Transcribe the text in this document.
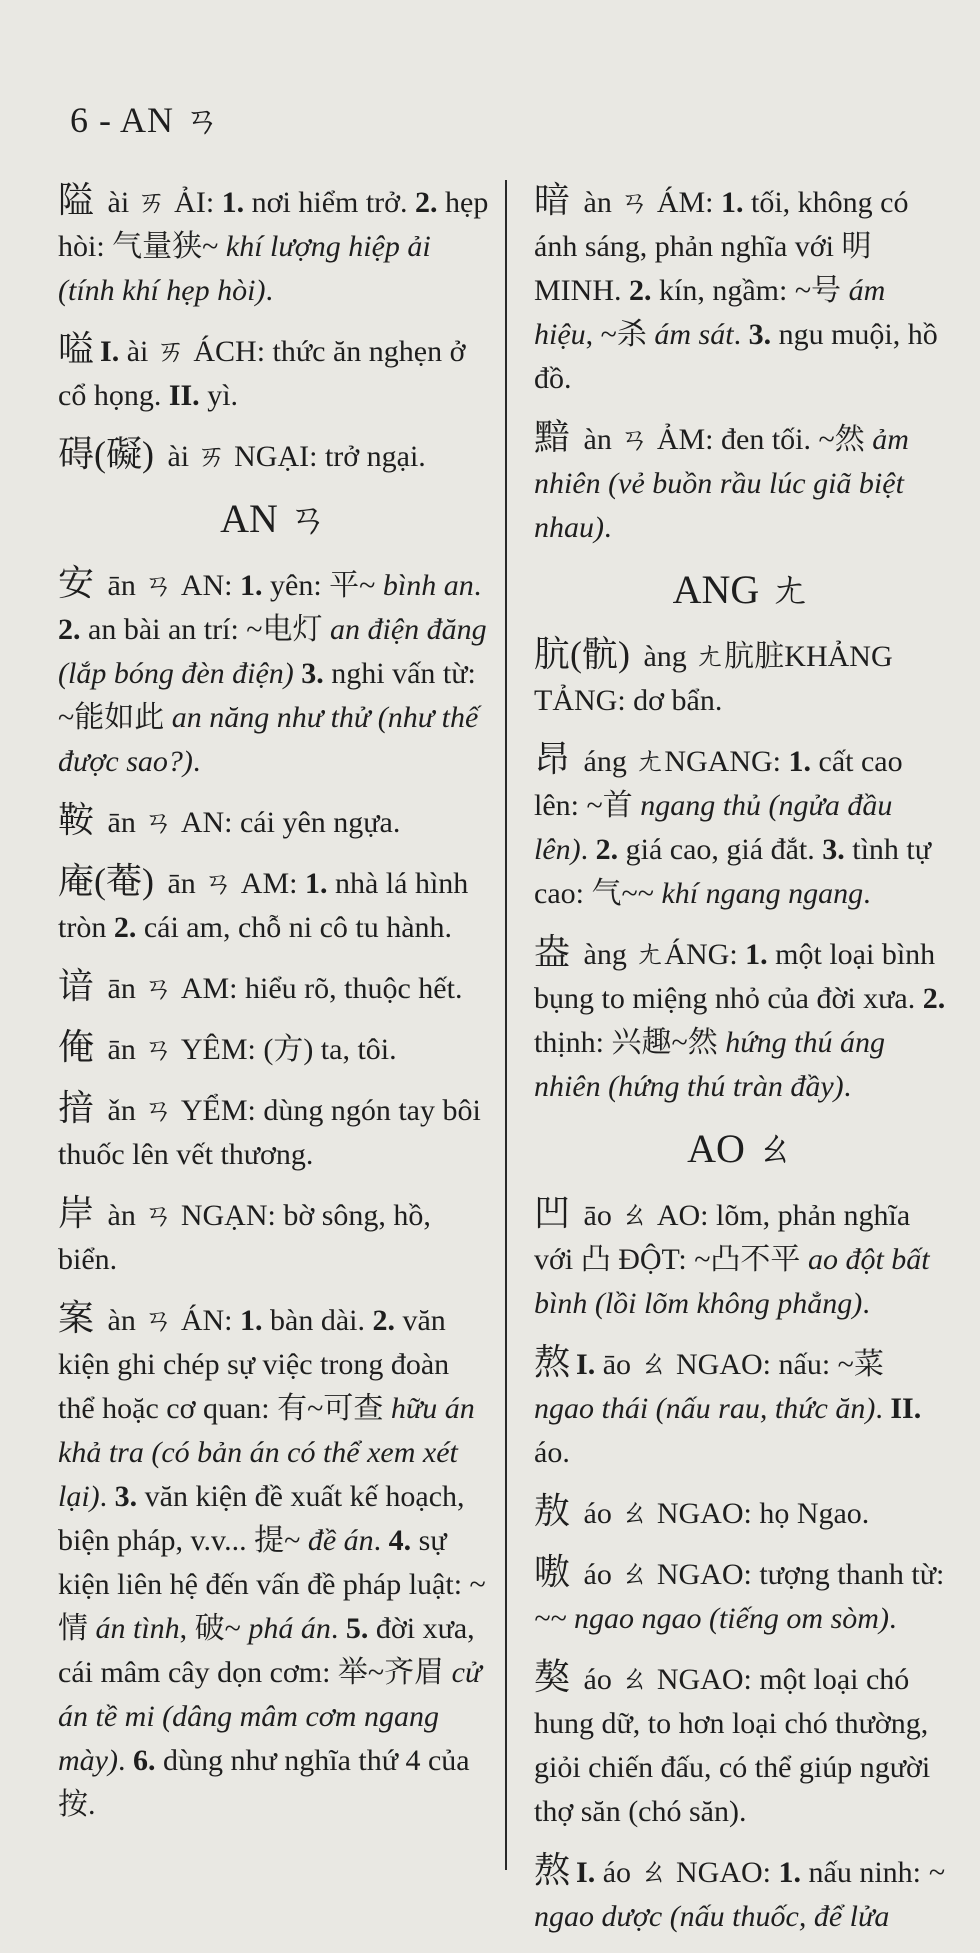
6 - AN ㄢ
隘 ài ㄞ ẢI: 1. nơi hiểm trở. 2. hẹp hòi: 气量狭~ khí lượng hiệp ải (tính khí hẹp hòi).
嗌 I. ài ㄞ ÁCH: thức ăn nghẹn ở cổ họng. II. yì.
碍(礙) ài ㄞ NGẠI: trở ngại.
AN ㄢ
安 ān ㄢ AN: 1. yên: 平~ bình an. 2. an bài an trí: ~电灯 an điện đăng (lắp bóng đèn điện) 3. nghi vấn từ: ~能如此 an năng như thử (như thế được sao?).
鞍 ān ㄢ AN: cái yên ngựa.
庵(菴) ān ㄢ AM: 1. nhà lá hình tròn 2. cái am, chỗ ni cô tu hành.
谙 ān ㄢ AM: hiểu rõ, thuộc hết.
俺 ān ㄢ YÊM: (方) ta, tôi.
揞 ǎn ㄢ YỂM: dùng ngón tay bôi thuốc lên vết thương.
岸 àn ㄢ NGẠN: bờ sông, hồ, biển.
案 àn ㄢ ÁN: 1. bàn dài. 2. văn kiện ghi chép sự việc trong đoàn thể hoặc cơ quan: 有~可查 hữu án khả tra (có bản án có thể xem xét lại). 3. văn kiện đề xuất kế hoạch, biện pháp, v.v... 提~ đề án. 4. sự kiện liên hệ đến vấn đề pháp luật: ~情 án tình, 破~ phá án. 5. đời xưa, cái mâm cây dọn cơm: 举~齐眉 cử án tề mi (dâng mâm cơm ngang mày). 6. dùng như nghĩa thứ 4 của 按.
暗 àn ㄢ ÁM: 1. tối, không có ánh sáng, phản nghĩa với 明MINH. 2. kín, ngầm: ~号 ám hiệu, ~杀 ám sát. 3. ngu muội, hồ đồ.
黯 àn ㄢ ẢM: đen tối. ~然 ảm nhiên (vẻ buồn rầu lúc giã biệt nhau).
ANG ㄤ
肮(骯) àng ㄤ肮脏KHẢNG TẢNG: dơ bẩn.
昂 áng ㄤNGANG: 1. cất cao lên: ~首 ngang thủ (ngửa đầu lên). 2. giá cao, giá đắt. 3. tình tự cao: 气~~ khí ngang ngang.
盎 àng ㄤÁNG: 1. một loại bình bụng to miệng nhỏ của đời xưa. 2. thịnh: 兴趣~然 hứng thú áng nhiên (hứng thú tràn đầy).
AO ㄠ
凹 āo ㄠ AO: lõm, phản nghĩa với 凸 ĐỘT: ~凸不平 ao đột bất bình (lồi lõm không phẳng).
熬 I. āo ㄠ NGAO: nấu: ~菜 ngao thái (nấu rau, thức ăn). II. áo.
敖 áo ㄠ NGAO: họ Ngao.
嗷 áo ㄠ NGAO: tượng thanh từ: ~~ ngao ngao (tiếng om sòm).
獒 áo ㄠ NGAO: một loại chó hung dữ, to hơn loại chó thường, giỏi chiến đấu, có thể giúp người thợ săn (chó săn).
熬 I. áo ㄠ NGAO: 1. nấu ninh: ~ ngao dược (nấu thuốc, để lửa
